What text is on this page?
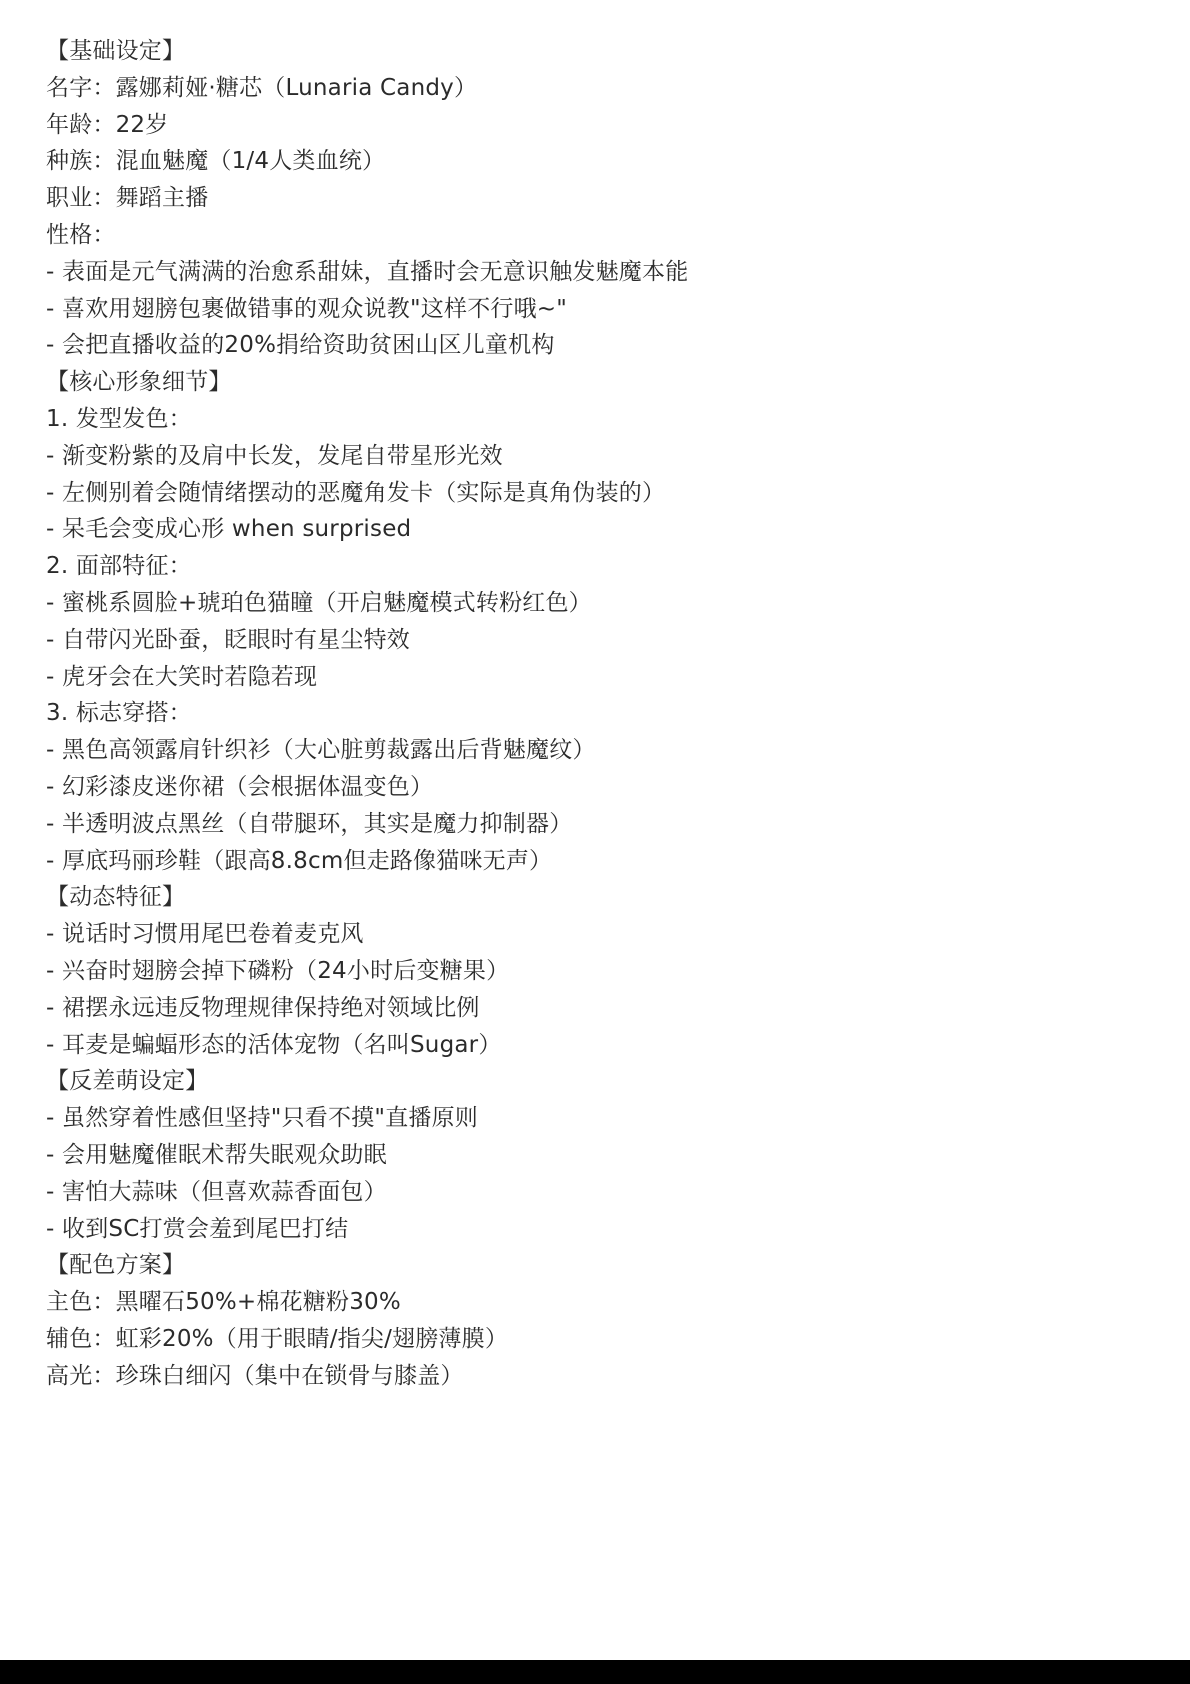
【基础设定】
名字：露娜莉娅·糖芯（Lunaria Candy）
年龄：22岁
种族：混血魅魔（1/4人类血统）
职业：舞蹈主播
性格：
- 表面是元气满满的治愈系甜妹，直播时会无意识触发魅魔本能
- 喜欢用翅膀包裹做错事的观众说教"这样不行哦~"
- 会把直播收益的20%捐给资助贫困山区儿童机构
【核心形象细节】
1. 发型发色：
- 渐变粉紫的及肩中长发，发尾自带星形光效
- 左侧别着会随情绪摆动的恶魔角发卡（实际是真角伪装的）
- 呆毛会变成心形 when surprised
2. 面部特征：
- 蜜桃系圆脸+琥珀色猫瞳（开启魅魔模式转粉红色）
- 自带闪光卧蚕，眨眼时有星尘特效
- 虎牙会在大笑时若隐若现
3. 标志穿搭：
- 黑色高领露肩针织衫（大心脏剪裁露出后背魅魔纹）
- 幻彩漆皮迷你裙（会根据体温变色）
- 半透明波点黑丝（自带腿环，其实是魔力抑制器）
- 厚底玛丽珍鞋（跟高8.8cm但走路像猫咪无声）
【动态特征】
- 说话时习惯用尾巴卷着麦克风
- 兴奋时翅膀会掉下磷粉（24小时后变糖果）
- 裙摆永远违反物理规律保持绝对领域比例
- 耳麦是蝙蝠形态的活体宠物（名叫Sugar）
【反差萌设定】
- 虽然穿着性感但坚持"只看不摸"直播原则
- 会用魅魔催眠术帮失眠观众助眠
- 害怕大蒜味（但喜欢蒜香面包）
- 收到SC打赏会羞到尾巴打结
【配色方案】
主色：黑曜石50%+棉花糖粉30%
辅色：虹彩20%（用于眼睛/指尖/翅膀薄膜）
高光：珍珠白细闪（集中在锁骨与膝盖）
